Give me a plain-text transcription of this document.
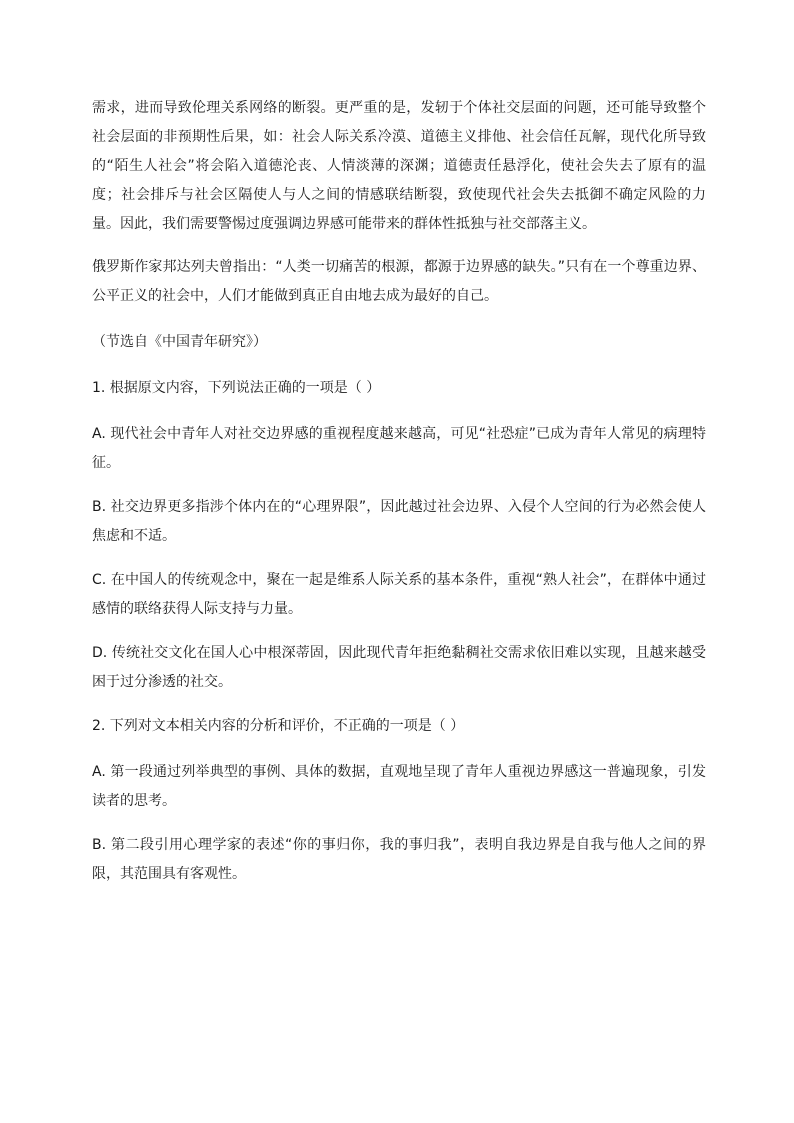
需求，进而导致伦理关系网络的断裂。更严重的是，发轫于个体社交层面的问题，还可能导致整个社会层面的非预期性后果，如：社会人际关系冷漠、道德主义排他、社会信任瓦解，现代化所导致的“陌生人社会”将会陷入道德沦丧、人情淡薄的深渊；道德责任悬浮化，使社会失去了原有的温度；社会排斥与社会区隔使人与人之间的情感联结断裂，致使现代社会失去抵御不确定风险的力量。因此，我们需要警惕过度强调边界感可能带来的群体性抵独与社交部落主义。

俄罗斯作家邦达列夫曾指出：“人类一切痛苦的根源，都源于边界感的缺失。”只有在一个尊重边界、公平正义的社会中，人们才能做到真正自由地去成为最好的自己。

（节选自《中国青年研究》）

1. 根据原文内容，下列说法正确的一项是（ ）

A. 现代社会中青年人对社交边界感的重视程度越来越高，可见“社恐症”已成为青年人常见的病理特征。

B. 社交边界更多指涉个体内在的“心理界限”，因此越过社会边界、入侵个人空间的行为必然会使人焦虑和不适。

C. 在中国人的传统观念中，聚在一起是维系人际关系的基本条件，重视“熟人社会”，在群体中通过感情的联络获得人际支持与力量。

D. 传统社交文化在国人心中根深蒂固，因此现代青年拒绝黏稠社交需求依旧难以实现，且越来越受困于过分渗透的社交。

2. 下列对文本相关内容的分析和评价，不正确的一项是（ ）

A. 第一段通过列举典型的事例、具体的数据，直观地呈现了青年人重视边界感这一普遍现象，引发读者的思考。

B. 第二段引用心理学家的表述“你的事归你，我的事归我”，表明自我边界是自我与他人之间的界限，其范围具有客观性。
